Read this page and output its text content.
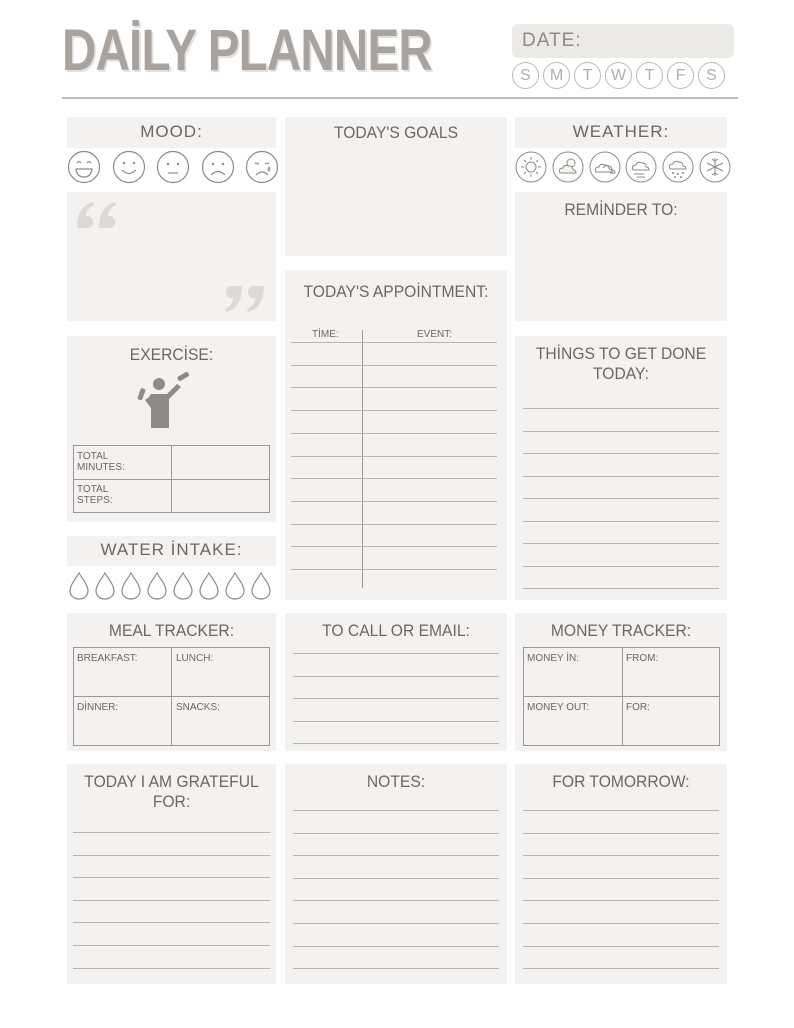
DAİLY PLANNER	DATE:
S	M	T	W	T	F	S
MOOD:	TODAY'S GOALS	WEATHER:
REMİNDER TO:
TODAY'S APPOİNTMENT:
TİME:	EVENT:
EXERCİSE:
TOTAL MINUTES:
TOTAL STEPS:
THİNGS TO GET DONE
TODAY:
WATER İNTAKE:
MEAL TRACKER:
BREAKFAST:	LUNCH:
DİNNER:	SNACKS:
TO CALL OR EMAIL:	MONEY TRACKER:
MONEY İN:	FROM:
MONEY OUT:	FOR:
TODAY I AM GRATEFUL FOR:
NOTES:	FOR TOMORROW:
